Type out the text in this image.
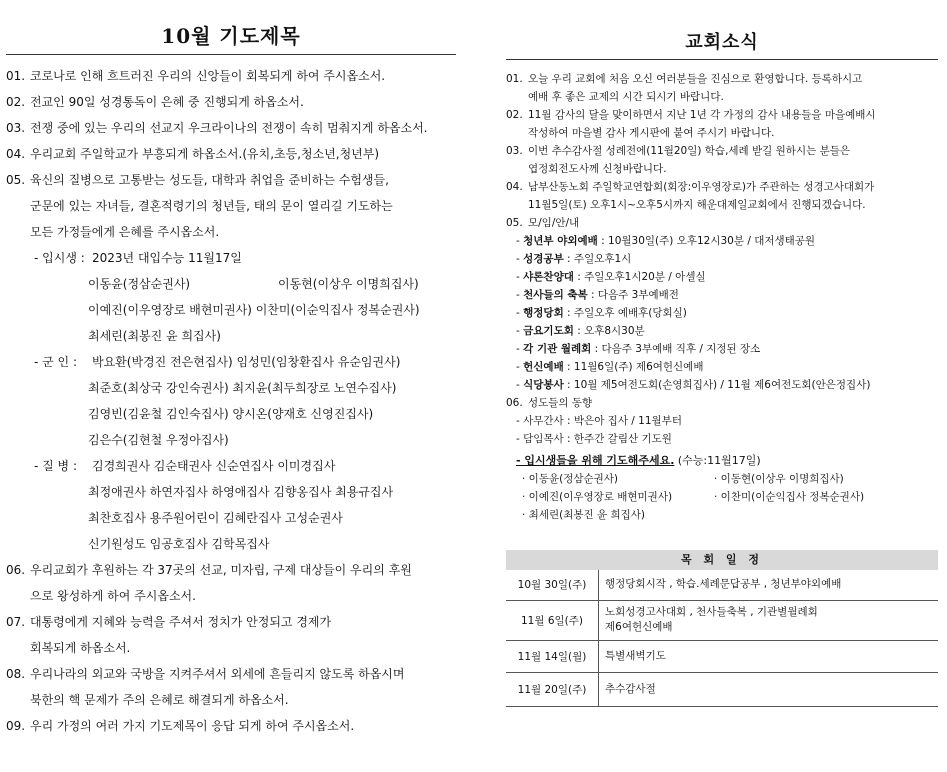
10월 기도제목
01. 코로나로 인해 흐트러진 우리의 신앙들이 회복되게 하여 주시옵소서.
02. 전교인 90일 성경통독이 은혜 중 진행되게 하옵소서.
03. 전쟁 중에 있는 우리의 선교지 우크라이나의 전쟁이 속히 멈춰지게 하옵소서.
04. 우리교회 주일학교가 부흥되게 하옵소서.(유치,초등,청소년,청년부)
05. 육신의 질병으로 고통받는 성도들, 대학과 취업을 준비하는 수험생들,
군문에 있는 자녀들, 결혼적령기의 청년들, 태의 문이 열리길 기도하는
모든 가정들에게 은혜를 주시옵소서.
- 입시생 : 2023년 대입수능 11월17일
이동윤(정삼순권사)	이동현(이상우 이명희집사)
이예진(이우영장로 배현미권사) 이찬미(이순익집사 정복순권사)
최세린(최봉진 윤 희집사)
- 군 인 : 박요환(박경진 전은현집사) 임성민(임창환집사 유순임권사)
최준호(최상국 강인숙권사) 최지윤(최두희장로 노연수집사)
김영빈(김윤철 김인숙집사) 양시온(양재호 신영진집사)
김은수(김현철 우정아집사)
- 질 병 : 김경희권사 김순태권사 신순연집사 이미경집사
최정애권사 하연자집사 하영애집사 김향옹집사 최용규집사
최찬호집사 용주원어린이 김혜란집사 고성순권사
신기원성도 임공호집사 김학목집사
06. 우리교회가 후원하는 각 37곳의 선교, 미자립, 구제 대상들이 우리의 후원
으로 왕성하게 하여 주시옵소서.
07. 대통령에게 지혜와 능력을 주셔서 정치가 안정되고 경제가
회복되게 하옵소서.
08. 우리나라의 외교와 국방을 지켜주셔서 외세에 흔들리지 않도록 하옵시며
북한의 핵 문제가 주의 은혜로 해결되게 하옵소서.
09. 우리 가정의 여러 가지 기도제목이 응답 되게 하여 주시옵소서.
교회소식
01. 오늘 우리 교회에 처음 오신 여러분들을 진심으로 환영합니다. 등록하시고
예배 후 좋은 교제의 시간 되시기 바랍니다.
02. 11월 감사의 달을 맞이하면서 지난 1년 각 가정의 감사 내용들을 마을예배시
작성하여 마을별 감사 게시판에 붙여 주시기 바랍니다.
03. 이번 추수감사절 성례전에(11월20일) 학습,세례 받길 원하시는 분들은
엽정회전도사께 신청바랍니다.
04. 남부산동노회 주일학교연합회(회장:이우영장로)가 주관하는 성경고사대회가
11월5일(토) 오후1시~오후5시까지 해운대제일교회에서 진행되겠습니다.
05. 모/임/안/내
- 청년부 야외예배 : 10월30일(주) 오후12시30분 / 대저생태공원
- 성경공부 : 주일오후1시
- 샤론찬양대 : 주일오후1시20분 / 아셀실
- 천사들의 축복 : 다음주 3부예배전
- 행정당회 : 주일오후 예배후(당회실)
- 금요기도회 : 오후8시30분
- 각 기관 월례회 : 다음주 3부예배 직후 / 지정된 장소
- 헌신예배 : 11월6일(주) 제6여헌신예배
- 식당봉사 : 10월 제5여전도회(손영희집사) / 11월 제6여전도회(안은정집사)
06. 성도들의 동향
- 사무간사 : 박은아 집사 / 11월부터
- 담임목사 : 한주간 갈림산 기도원
- 입시생들을 위해 기도해주세요. (수능:11월17일)
· 이동윤(정삼순권사)	· 이동현(이상우 이명희집사)
· 이예진(이우영장로 배현미권사)	· 이찬미(이순익집사 정복순권사)
· 최세린(최봉진 윤 희집사)
목 회 일 정
10월 30일(주)	행정당회시작 , 학습.세례문답공부 , 청년부야외예배
11월 6일(주)	노회성경고사대회 , 천사들축복 , 기관별월례회
제6여헌신예배

11월 14일(월)	특별새벽기도
11월 20일(주)	추수감사절
